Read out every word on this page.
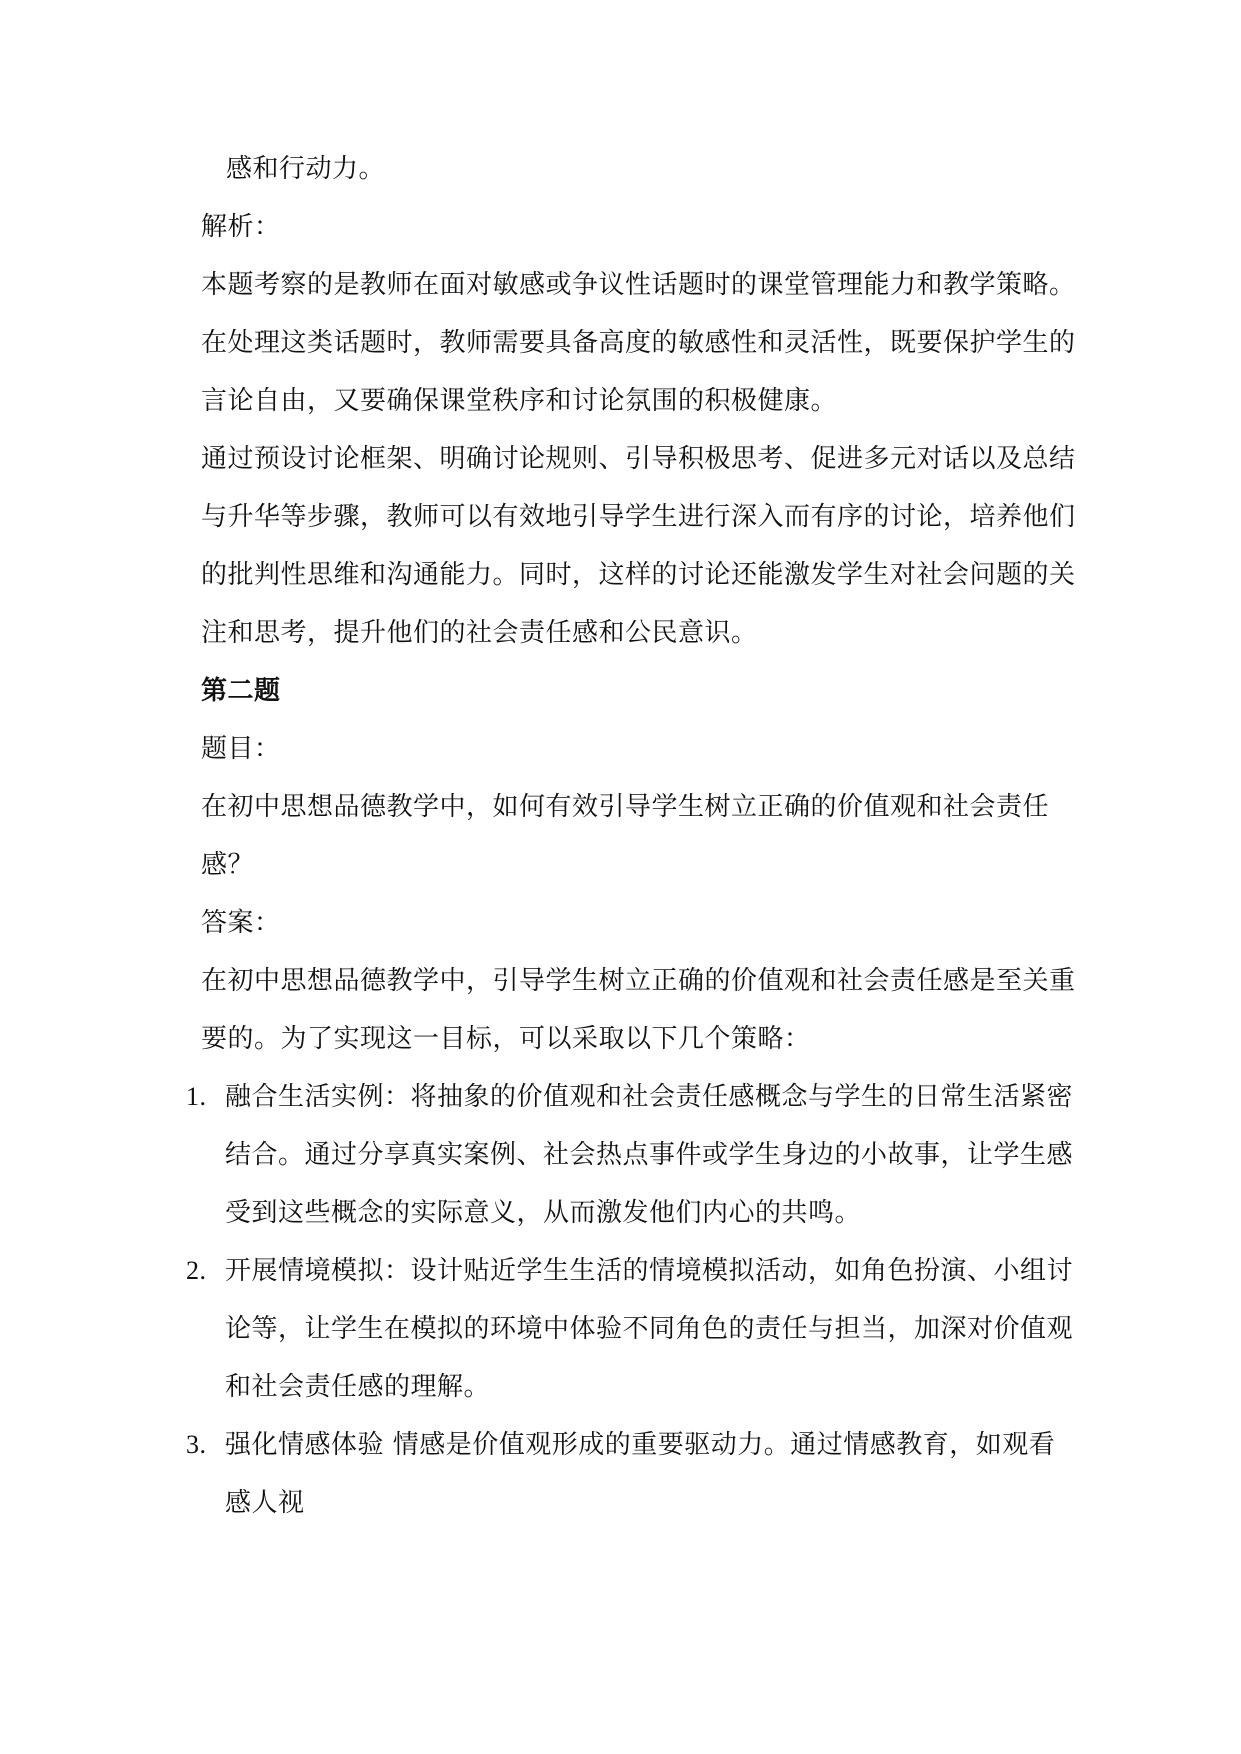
感和行动力。

解析：

本题考察的是教师在面对敏感或争议性话题时的课堂管理能力和教学策略。在处理这类话题时，教师需要具备高度的敏感性和灵活性，既要保护学生的言论自由，又要确保课堂秩序和讨论氛围的积极健康。

通过预设讨论框架、明确讨论规则、引导积极思考、促进多元对话以及总结与升华等步骤，教师可以有效地引导学生进行深入而有序的讨论，培养他们的批判性思维和沟通能力。同时，这样的讨论还能激发学生对社会问题的关注和思考，提升他们的社会责任感和公民意识。

第二题

题目：

在初中思想品德教学中，如何有效引导学生树立正确的价值观和社会责任感？

答案：

在初中思想品德教学中，引导学生树立正确的价值观和社会责任感是至关重要的。为了实现这一目标，可以采取以下几个策略：

1. 融合生活实例：将抽象的价值观和社会责任感概念与学生的日常生活紧密结合。通过分享真实案例、社会热点事件或学生身边的小故事，让学生感受到这些概念的实际意义，从而激发他们内心的共鸣。
2. 开展情境模拟：设计贴近学生生活的情境模拟活动，如角色扮演、小组讨论等，让学生在模拟的环境中体验不同角色的责任与担当，加深对价值观和社会责任感的理解。
3. 强化情感体验 情感是价值观形成的重要驱动力。通过情感教育，如观看感人视
